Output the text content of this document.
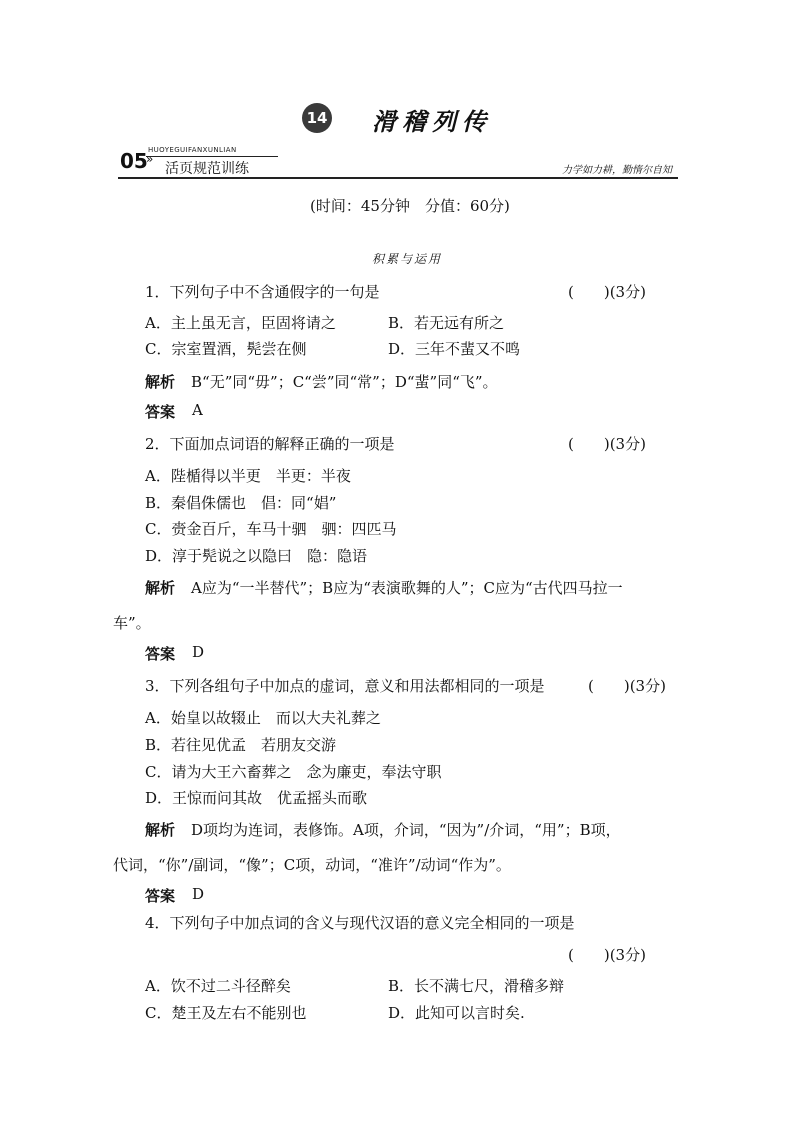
14 滑稽列传
05
»
HUOYEGUIFANXUNLIAN
活页规范训练	力学如力耕，勤惰尔自知
(时间：45分钟　分值：60分)
积累与运用
1．下列句子中不含通假字的一句是	(　　)(3分)
A．主上虽无言，臣固将请之	B．若无远有所之
C．宗室置酒，髡尝在侧	D．三年不蜚又不鸣
解析 B“无”同“毋”；C“尝”同“常”；D“蜚”同“飞”。
答案 A
2．下面加点词语的解释正确的一项是	(　　)(3分)
A．陛楯得以半更　半更：半夜
B．秦倡侏儒也　倡：同“娼”
C．赍金百斤，车马十驷　驷：四匹马
D．淳于髡说之以隐曰　隐：隐语
解析 A应为“一半替代”；B应为“表演歌舞的人”；C应为“古代四马拉一
车”。
答案 D
3．下列各组句子中加点的虚词，意义和用法都相同的一项是	(　　)(3分)
A．始皇以故辍止　而以大夫礼葬之
B．若往见优孟　若朋友交游
C．请为大王六畜葬之　念为廉吏，奉法守职
D．王惊而问其故　优孟摇头而歌
解析 D项均为连词，表修饰。A项，介词，“因为”/介词，“用”；B项，
代词，“你”/副词，“像”；C项，动词，“准许”/动词“作为”。
答案 D
4．下列句子中加点词的含义与现代汉语的意义完全相同的一项是
(　　)(3分)
A．饮不过二斗径醉矣	B．长不满七尺，滑稽多辩
C．楚王及左右不能别也	D．此知可以言时矣.
